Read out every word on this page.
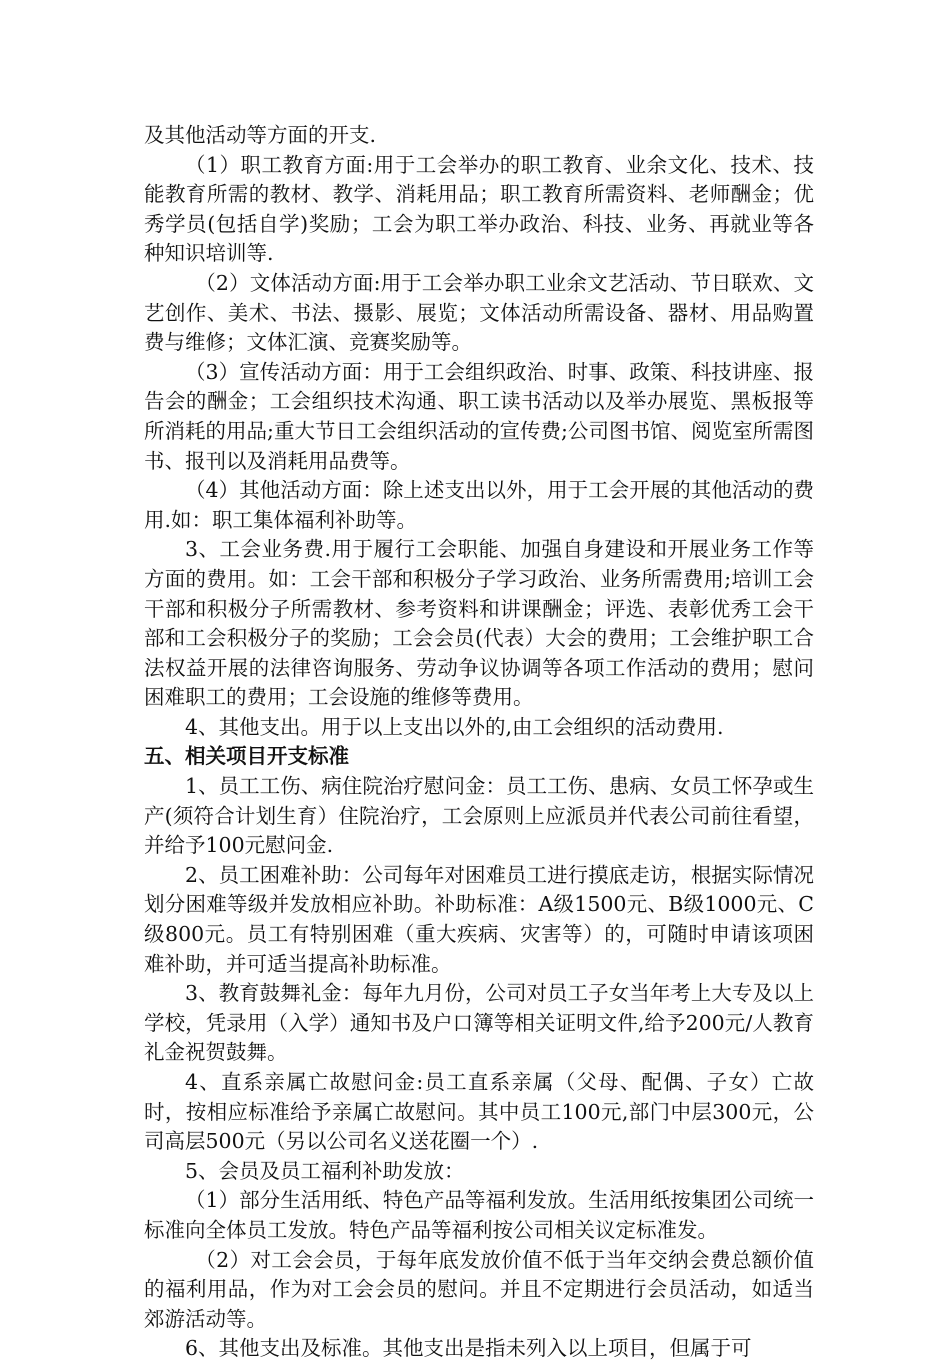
及其他活动等方面的开支.

（1）职工教育方面:用于工会举办的职工教育、业余文化、技术、技能教育所需的教材、教学、消耗用品；职工教育所需资料、老师酬金；优秀学员(包括自学)奖励；工会为职工举办政治、科技、业务、再就业等各种知识培训等.

（2）文体活动方面:用于工会举办职工业余文艺活动、节日联欢、文艺创作、美术、书法、摄影、展览；文体活动所需设备、器材、用品购置费与维修；文体汇演、竞赛奖励等。

（3）宣传活动方面：用于工会组织政治、时事、政策、科技讲座、报告会的酬金；工会组织技术沟通、职工读书活动以及举办展览、黑板报等所消耗的用品;重大节日工会组织活动的宣传费;公司图书馆、阅览室所需图书、报刊以及消耗用品费等。

（4）其他活动方面：除上述支出以外，用于工会开展的其他活动的费用.如：职工集体福利补助等。

3、工会业务费.用于履行工会职能、加强自身建设和开展业务工作等方面的费用。如：工会干部和积极分子学习政治、业务所需费用;培训工会干部和积极分子所需教材、参考资料和讲课酬金；评选、表彰优秀工会干部和工会积极分子的奖励；工会会员(代表）大会的费用；工会维护职工合法权益开展的法律咨询服务、劳动争议协调等各项工作活动的费用；慰问困难职工的费用；工会设施的维修等费用。

4、其他支出。用于以上支出以外的,由工会组织的活动费用.

五、相关项目开支标准

1、员工工伤、病住院治疗慰问金：员工工伤、患病、女员工怀孕或生产(须符合计划生育）住院治疗，工会原则上应派员并代表公司前往看望，并给予100元慰问金.

2、员工困难补助：公司每年对困难员工进行摸底走访，根据实际情况划分困难等级并发放相应补助。补助标准：A级1500元、B级1000元、C级800元。员工有特别困难（重大疾病、灾害等）的，可随时申请该项困难补助，并可适当提高补助标准。

3、教育鼓舞礼金：每年九月份，公司对员工子女当年考上大专及以上学校，凭录用（入学）通知书及户口簿等相关证明文件,给予200元/人教育礼金祝贺鼓舞。

4、直系亲属亡故慰问金:员工直系亲属（父母、配偶、子女）亡故时，按相应标准给予亲属亡故慰问。其中员工100元,部门中层300元，公司高层500元（另以公司名义送花圈一个）.

5、会员及员工福利补助发放：

（1）部分生活用纸、特色产品等福利发放。生活用纸按集团公司统一标准向全体员工发放。特色产品等福利按公司相关议定标准发。

（2）对工会会员，于每年底发放价值不低于当年交纳会费总额价值的福利用品，作为对工会会员的慰问。并且不定期进行会员活动，如适当郊游活动等。

6、其他支出及标准。其他支出是指未列入以上项目，但属于可
